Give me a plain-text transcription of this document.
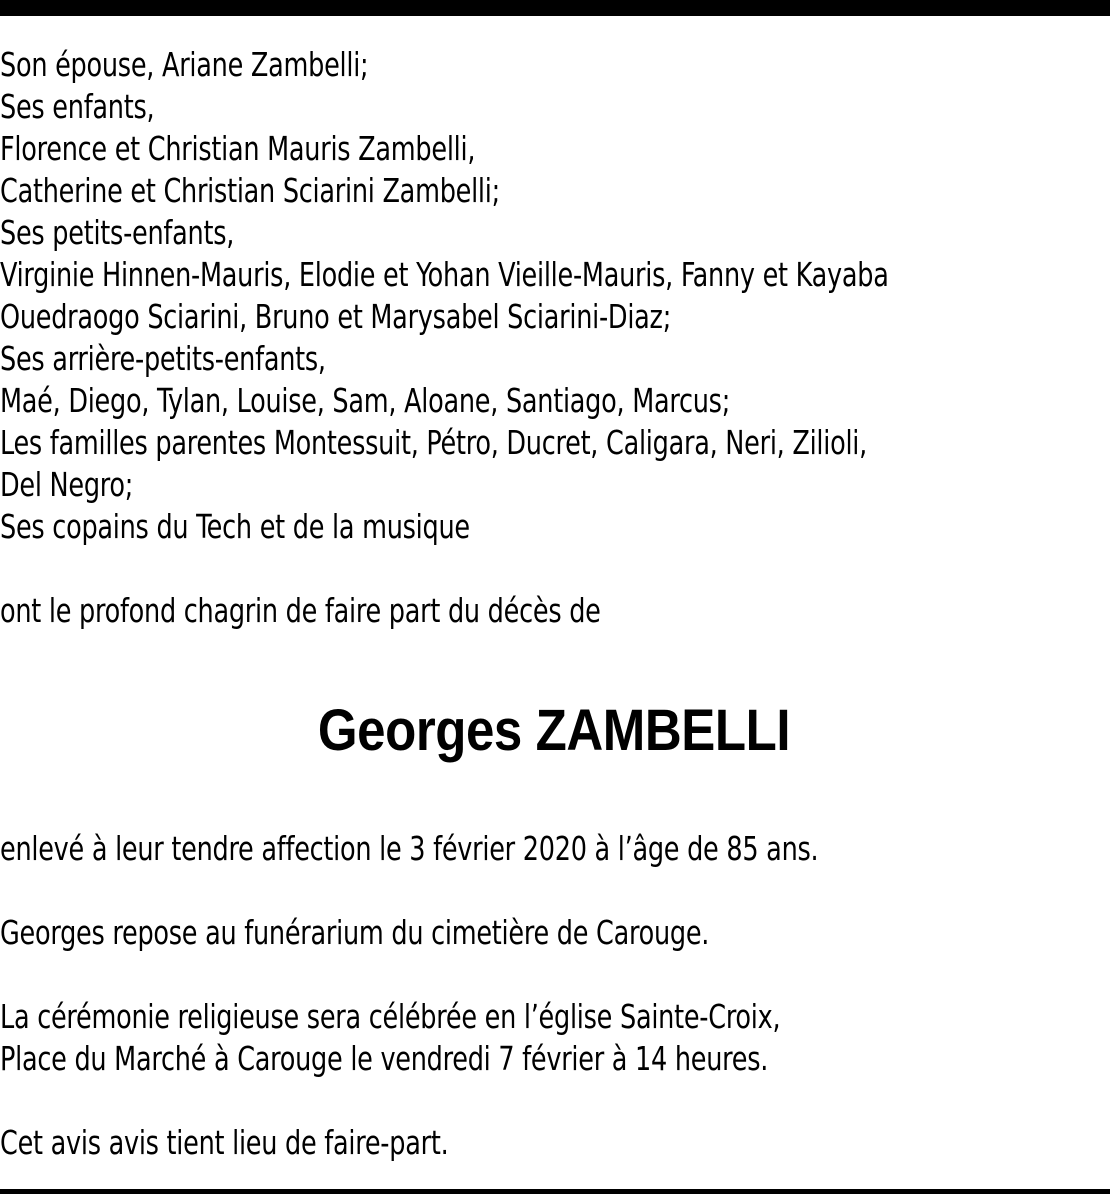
Son épouse, Ariane Zambelli;
Ses enfants,
Florence et Christian Mauris Zambelli,
Catherine et Christian Sciarini Zambelli;
Ses petits-enfants,
Virginie Hinnen-Mauris, Elodie et Yohan Vieille-Mauris, Fanny et Kayaba
Ouedraogo Sciarini, Bruno et Marysabel Sciarini-Diaz;
Ses arrière-petits-enfants,
Maé, Diego, Tylan, Louise, Sam, Aloane, Santiago, Marcus;
Les familles parentes Montessuit, Pétro, Ducret, Caligara, Neri, Zilioli,
Del Negro;
Ses copains du Tech et de la musique
ont le profond chagrin de faire part du décès de
Georges ZAMBELLI
enlevé à leur tendre affection le 3 février 2020 à l’âge de 85 ans.
Georges repose au funérarium du cimetière de Carouge.
La cérémonie religieuse sera célébrée en l’église Sainte-Croix,
Place du Marché à Carouge le vendredi 7 février à 14 heures.
Cet avis avis tient lieu de faire-part.
